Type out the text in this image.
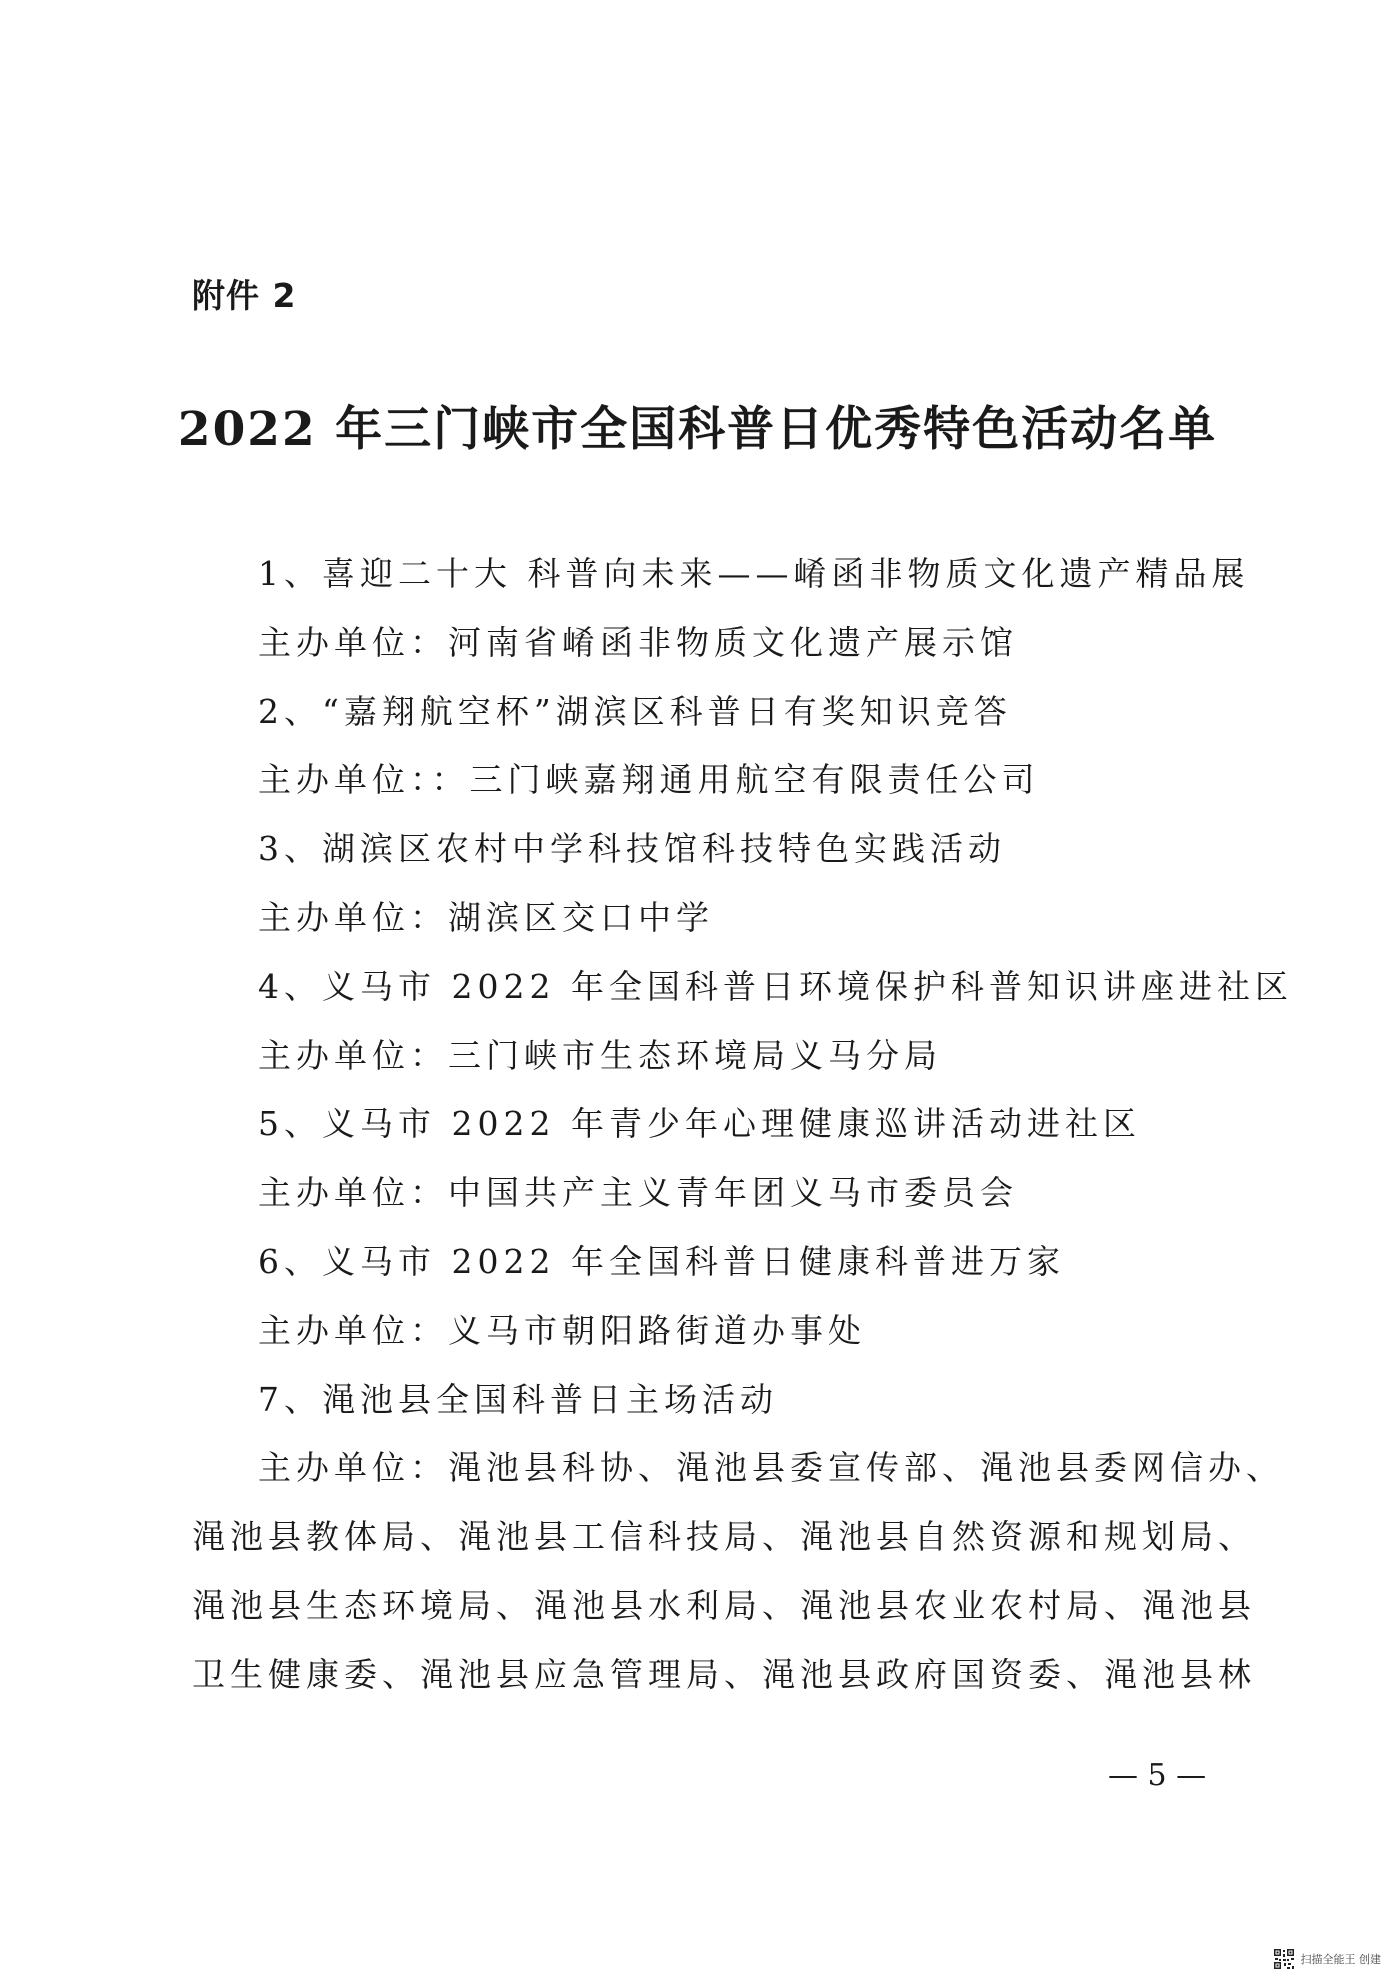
附件 2
2022 年三门峡市全国科普日优秀特色活动名单
1、喜迎二十大 科普向未来——崤函非物质文化遗产精品展
主办单位：河南省崤函非物质文化遗产展示馆
2、“嘉翔航空杯”湖滨区科普日有奖知识竞答
主办单位：：三门峡嘉翔通用航空有限责任公司
3、湖滨区农村中学科技馆科技特色实践活动
主办单位：湖滨区交口中学
4、义马市 2022 年全国科普日环境保护科普知识讲座进社区
主办单位：三门峡市生态环境局义马分局
5、义马市 2022 年青少年心理健康巡讲活动进社区
主办单位：中国共产主义青年团义马市委员会
6、义马市 2022 年全国科普日健康科普进万家
主办单位：义马市朝阳路街道办事处
7、渑池县全国科普日主场活动
主办单位：渑池县科协、渑池县委宣传部、渑池县委网信办、
渑池县教体局、渑池县工信科技局、渑池县自然资源和规划局、
渑池县生态环境局、渑池县水利局、渑池县农业农村局、渑池县
卫生健康委、渑池县应急管理局、渑池县政府国资委、渑池县林
— 5 —
扫描全能王 创建
